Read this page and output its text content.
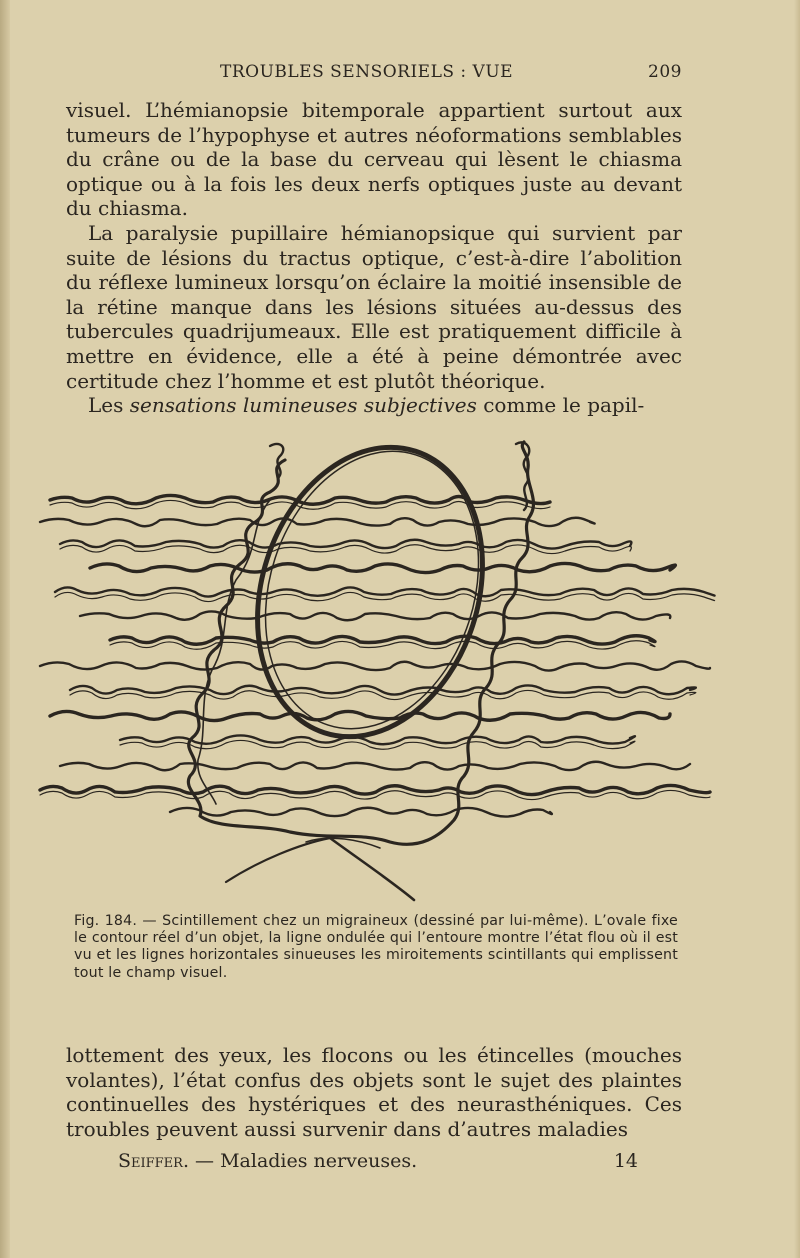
TROUBLES SENSORIELS : VUE	209

visuel. L’hémianopsie bitemporale appartient surtout aux tumeurs de l’hypophyse et autres néoformations semblables du crâne ou de la base du cerveau qui lèsent le chiasma optique ou à la fois les deux nerfs optiques juste au devant du chiasma.

La paralysie pupillaire hémianopsique qui survient par suite de lésions du tractus optique, c’est-à-dire l’abolition du réflexe lumineux lorsqu’on éclaire la moitié insensible de la rétine manque dans les lésions situées au-dessus des tubercules quadrijumeaux. Elle est pratiquement difficile à mettre en évidence, elle a été à peine démontrée avec certitude chez l’homme et est plutôt théorique.

Les sensations lumineuses subjectives comme le papil-

Fig. 184. — Scintillement chez un migraineux (dessiné par lui-même). L’ovale fixe le contour réel d’un objet, la ligne ondulée qui l’entoure montre l’état flou où il est vu et les lignes horizontales sinueuses les miroitements scintillants qui emplissent tout le champ visuel.

lottement des yeux, les flocons ou les étincelles (mouches volantes), l’état confus des objets sont le sujet des plaintes continuelles des hystériques et des neurasthéniques. Ces troubles peuvent aussi survenir dans d’autres maladies

Seiffer. — Maladies nerveuses.	14
